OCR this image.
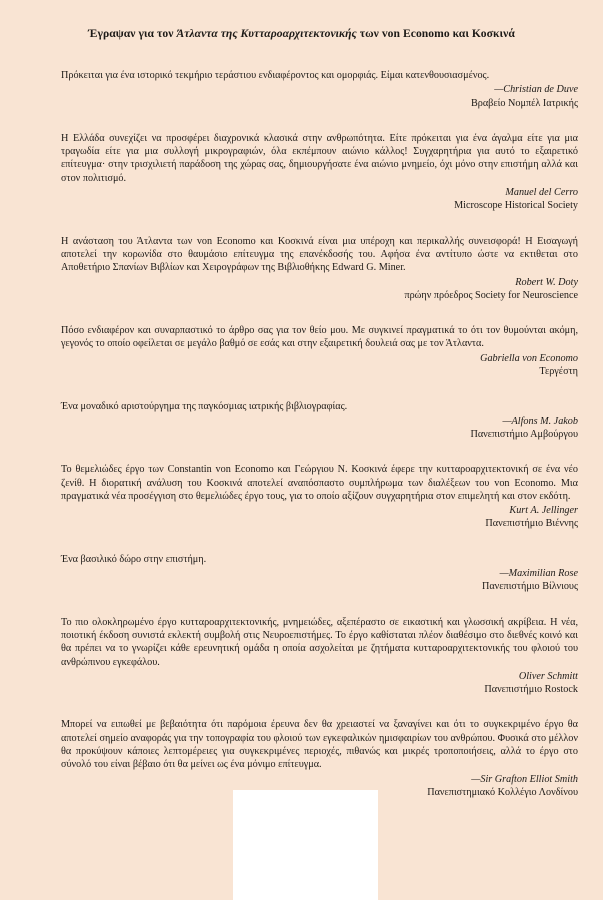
Έγραψαν για τον Άτλαντα της Κυτταροαρχιτεκτονικής των von Economo και Κοσκινά

Πρόκειται για ένα ιστορικό τεκμήριο τεράστιου ενδιαφέροντος και ομορφιάς. Είμαι κατενθουσιασμένος.

—Christian de Duve
Βραβείο Νομπέλ Ιατρικής

Η Ελλάδα συνεχίζει να προσφέρει διαχρονικά κλασικά στην ανθρωπότητα. Είτε πρόκειται για ένα άγαλμα είτε για μια τραγωδία είτε για μια συλλογή μικρογραφιών, όλα εκπέμπουν αιώνιο κάλλος! Συγχαρητήρια για αυτό το εξαιρετικό επίτευγμα· στην τρισχιλιετή παράδοση της χώρας σας, δημιουργήσατε ένα αιώνιο μνημείο, όχι μόνο στην επιστήμη αλλά και στον πολιτισμό.

Manuel del Cerro
Microscope Historical Society

Η ανάσταση του Άτλαντα των von Economo και Κοσκινά είναι μια υπέροχη και περικαλλής συνεισφορά! Η Εισαγωγή αποτελεί την κορωνίδα στο θαυμάσιο επίτευγμα της επανέκδοσής του. Αφήσα ένα αντίτυπο ώστε να εκτιθεται στο Αποθετήριο Σπανίων Βιβλίων και Χειρογράφων της Βιβλιοθήκης Edward G. Miner.

Robert W. Doty
πρώην πρόεδρος Society for Neuroscience

Πόσο ενδιαφέρον και συναρπαστικό το άρθρο σας για τον θείο μου. Με συγκινεί πραγματικά το ότι τον θυμούνται ακόμη, γεγονός το οποίο οφείλεται σε μεγάλο βαθμό σε εσάς και στην εξαιρετική δουλειά σας με τον Άτλαντα.

Gabriella von Economo
Τεργέστη

Ένα μοναδικό αριστούργημα της παγκόσμιας ιατρικής βιβλιογραφίας.

—Alfons M. Jakob
Πανεπιστήμιο Αμβούργου

Το θεμελιώδες έργο των Constantin von Economo και Γεώργιου Ν. Κοσκινά έφερε την κυτταροαρχιτεκτονική σε ένα νέο ζενίθ. Η διορατική ανάλυση του Κοσκινά αποτελεί αναπόσπαστο συμπλήρωμα των διαλέξεων του von Economo. Μια πραγματικά νέα προσέγγιση στο θεμελιώδες έργο τους, για το οποίο αξίζουν συγχαρητήρια στον επιμελητή και στον εκδότη.

Kurt A. Jellinger
Πανεπιστήμιο Βιέννης

Ένα βασιλικό δώρο στην επιστήμη.

—Maximilian Rose
Πανεπιστήμιο Βίλνιους

Το πιο ολοκληρωμένο έργο κυτταροαρχιτεκτονικής, μνημειώδες, αξεπέραστο σε εικαστική και γλωσσική ακρίβεια. Η νέα, ποιοτική έκδοση συνιστά εκλεκτή συμβολή στις Νευροεπιστήμες. Το έργο καθίσταται πλέον διαθέσιμο στο διεθνές κοινό και θα πρέπει να το γνωρίζει κάθε ερευνητική ομάδα η οποία ασχολείται με ζητήματα κυτταροαρχιτεκτονικής του φλοιού του ανθρώπινου εγκεφάλου.

Oliver Schmitt
Πανεπιστήμιο Rostock

Μπορεί να ειπωθεί με βεβαιότητα ότι παρόμοια έρευνα δεν θα χρειαστεί να ξαναγίνει και ότι το συγκεκριμένο έργο θα αποτελεί σημείο αναφοράς για την τοπογραφία του φλοιού των εγκεφαλικών ημισφαιρίων του ανθρώπου. Φυσικά στο μέλλον θα προκύψουν κάποιες λεπτομέρειες για συγκεκριμένες περιοχές, πιθανώς και μικρές τροποποιήσεις, αλλά το έργο στο σύνολό του είναι βέβαιο ότι θα μείνει ως ένα μόνιμο επίτευγμα.

—Sir Grafton Elliot Smith
Πανεπιστημιακό Κολλέγιο Λονδίνου
